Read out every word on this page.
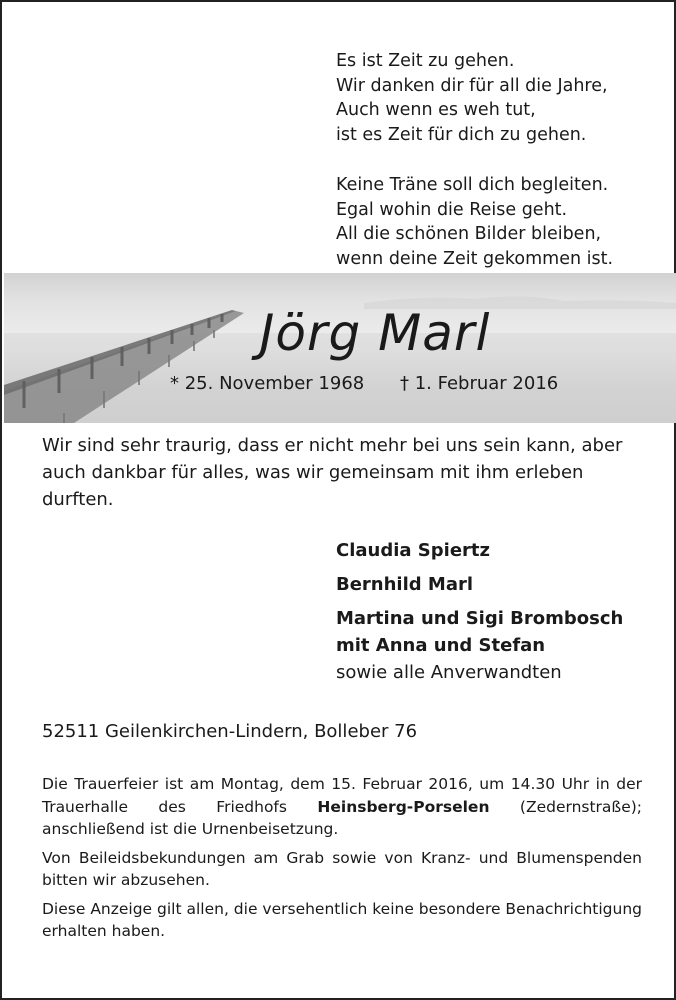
Es ist Zeit zu gehen.
Wir danken dir für all die Jahre,
Auch wenn es weh tut,
ist es Zeit für dich zu gehen.
Keine Träne soll dich begleiten.
Egal wohin die Reise geht.
All die schönen Bilder bleiben,
wenn deine Zeit gekommen ist.
Jörg Marl
* 25. November 1968 † 1. Februar 2016
Wir sind sehr traurig, dass er nicht mehr bei uns sein kann, aber auch dankbar für alles, was wir gemeinsam mit ihm erleben durften.
Claudia Spiertz
Bernhild Marl
Martina und Sigi Brombosch
mit Anna und Stefan
sowie alle Anverwandten
52511 Geilenkirchen-Lindern, Bolleber 76

Die Trauerfeier ist am Montag, dem 15. Februar 2016, um 14.30 Uhr in der Trauerhalle des Friedhofs Heinsberg-Porselen (Zedernstraße); anschließend ist die Urnenbeisetzung.

Von Beileidsbekundungen am Grab sowie von Kranz- und Blumenspenden bitten wir abzusehen.

Diese Anzeige gilt allen, die versehentlich keine besondere Benachrichtigung erhalten haben.
